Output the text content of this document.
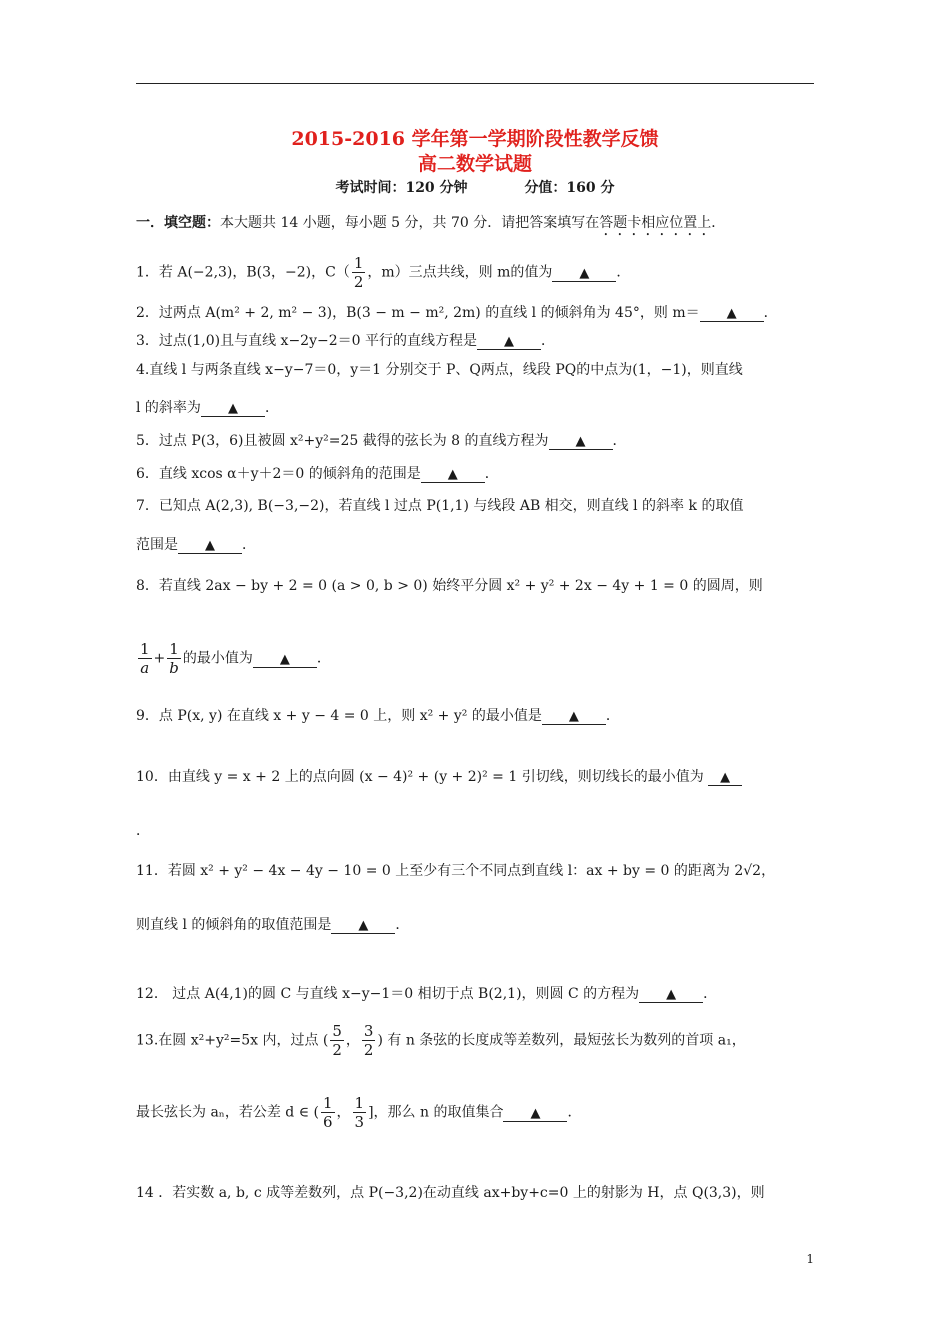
2015-2016 学年第一学期阶段性教学反馈
高二数学试题
考试时间：120 分钟	分值：160 分
一．填空题：本大题共 14 小题，每小题 5 分，共 70 分．请把答案填写在答题卡相应位置上．
1．若 A(−2,3)，B(3，−2)，$C( \frac{1}{2}$ ，m）三点共线，则 m的值为 ▲ ．
2．过两点 A(m² + 2, m² − 3)，B(3 − m − m², 2m) 的直线 l 的倾斜角为 45°，则 m＝ ▲ ．
3．过点(1,0)且与直线 x−2y−2＝0 平行的直线方程是 ▲ ．
4.直线 l 与两条直线 x−y−7＝0，y＝1 分别交于 P、Q两点，线段 PQ的中点为(1，−1)，则直线
l 的斜率为 ▲ ．
5．过点 P(3，6)且被圆 x²+y²=25 截得的弦长为 8 的直线方程为 ▲ ．
6．直线 xcos α＋y＋2＝0 的倾斜角的范围是 ▲ ．
7．已知点 A(2,3), B(−3,−2)，若直线 l 过点 P(1,1) 与线段 AB 相交，则直线 l 的斜率 k 的取值
范围是 ▲ ．
8．若直线 2ax − by + 2 = 0 (a > 0, b > 0) 始终平分圆 x² + y² + 2x − 4y + 1 = 0 的圆周，则
$\frac{1}{a} + \frac{1}{b}$ 的最小值为 ▲ ．
9．点 P(x, y) 在直线 x + y − 4 = 0 上，则 x² + y² 的最小值是 ▲ ．
10．由直线 y = x + 2 上的点向圆 (x − 4)² + (y + 2)² = 1 引切线，则切线长的最小值为 ▲
．
11．若圆 x² + y² − 4x − 4y − 10 = 0 上至少有三个不同点到直线 l：ax + by = 0 的距离为 2√2，
则直线 l 的倾斜角的取值范围是 ▲ ．
12． 过点 A(4,1)的圆 C 与直线 x−y−1＝0 相切于点 B(2,1)，则圆 C 的方程为 ▲ ．
13.在圆 x²+y²=5x 内，过点 ( $\frac{5}{2}$ ， $\frac{3}{2}$ ) 有 n 条弦的长度成等差数列，最短弦长为数列的首项 a₁，
最长弦长为 aₙ，若公差 d ∈ ( $\frac{1}{6}$ ， $\frac{1}{3}$ ]，那么 n 的取值集合 ▲ ．
14 ．若实数 a, b, c 成等差数列，点 P(−3,2)在动直线 ax+by+c=0 上的射影为 H，点 Q(3,3)，则
1
